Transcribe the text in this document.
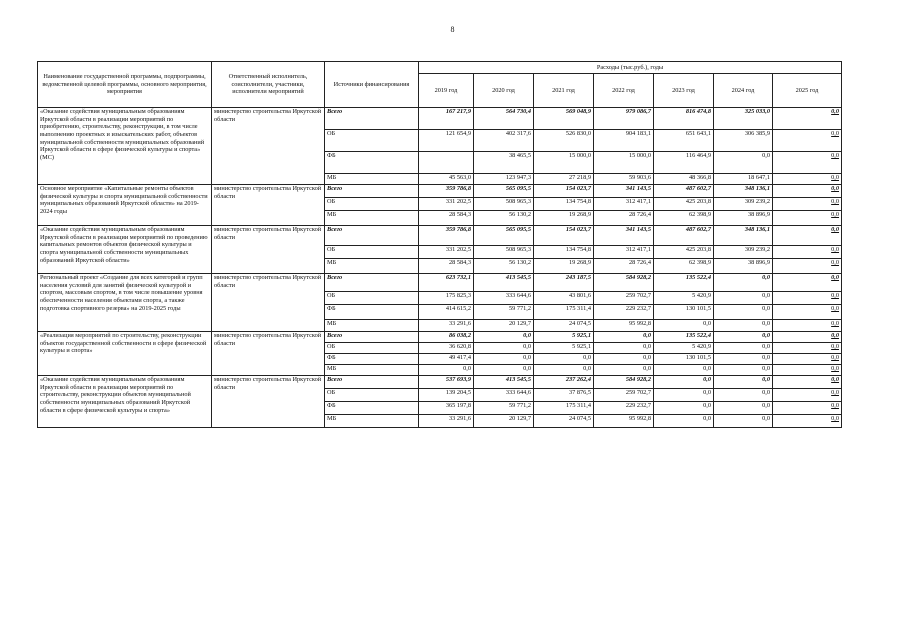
8
Наименование государственной программы, подпрограммы, ведомственной целевой программы, основного мероприятия, мероприятия	Ответственный исполнитель, соисполнители, участники, исполнители мероприятий	Источники финансирования	Расходы (тыс.руб.), годы						
			2019 год	2020 год	2021 год	2022 год	2023 год	2024 год	2025 год
«Оказание содействия муниципальным образованиям Иркутской области в реализации мероприятий по приобретению, строительству, реконструкции, в том числе выполнению проектных и изыскательских работ, объектов муниципальной собственности муниципальных образований Иркутской области в сфере физической культуры и спорта» (МС)	министерство строительства Иркутской области	Всего	167 217,9	564 730,4	569 048,9	979 086,7	816 474,8	325 033,0	0,0
		ОБ	121 654,9	402 317,6	526 830,0	904 183,1	651 643,1	306 385,9	0,0
		ФБ		38 465,5	15 000,0	15 000,0	116 464,9	0,0	0,0
		МБ	45 563,0	123 947,3	27 218,9	59 903,6	48 366,8	18 647,1	0,0
Основное мероприятие «Капитальные ремонты объектов физической культуры и спорта муниципальной собственности муниципальных образований Иркутской области» на 2019-2024 годы	министерство строительства Иркутской области	Всего	359 786,8	565 095,5	154 023,7	341 143,5	487 602,7	348 136,1	0,0
		ОБ	331 202,5	508 965,3	134 754,8	312 417,1	425 203,8	309 239,2	0,0
		МБ	28 584,3	56 130,2	19 268,9	28 726,4	62 398,9	38 896,9	0,0
«Оказание содействия муниципальным образованиям Иркутской области в реализации мероприятий по проведению капитальных ремонтов объектов физической культуры и спорта муниципальной собственности муниципальных образований Иркутской области»	министерство строительства Иркутской области	Всего	359 786,8	565 095,5	154 023,7	341 143,5	487 602,7	348 136,1	0,0
		ОБ	331 202,5	508 965,3	134 754,8	312 417,1	425 203,8	309 239,2	0,0
		МБ	28 584,3	56 130,2	19 268,9	28 726,4	62 398,9	38 896,9	0,0
Региональный проект «Создание для всех категорий и групп населения условий для занятий физической культурой и спортом, массовым спортом, в том числе повышение уровня обеспеченности населения объектами спорта, а также подготовка спортивного резерва» на 2019-2025 годы	министерство строительства Иркутской области	Всего	623 732,1	413 545,5	243 187,5	584 928,2	135 522,4	0,0	0,0
		ОБ	175 825,3	333 644,6	43 801,6	259 702,7	5 420,9	0,0	0,0
		ФБ	414 615,2	59 771,2	175 311,4	229 232,7	130 101,5	0,0	0,0
		МБ	33 291,6	20 129,7	24 074,5	95 992,8	0,0	0,0	0,0
«Реализация мероприятий по строительству, реконструкции объектов государственной собственности в сфере физической культуры и спорта»	министерство строительства Иркутской области	Всего	86 038,2	0,0	5 925,1	0,0	135 522,4	0,0	0,0
		ОБ	36 620,8	0,0	5 925,1	0,0	5 420,9	0,0	0,0
		ФБ	49 417,4	0,0	0,0	0,0	130 101,5	0,0	0,0
		МБ	0,0	0,0	0,0	0,0	0,0	0,0	0,0
«Оказание содействия муниципальным образованиям Иркутской области в реализации мероприятий по строительству, реконструкции объектов муниципальной собственности муниципальных образований Иркутской области в сфере физической культуры и спорта»	министерство строительства Иркутской области	Всего	537 693,9	413 545,5	237 262,4	584 928,2	0,0	0,0	0,0
		ОБ	139 204,5	333 644,6	37 876,5	259 702,7	0,0	0,0	0,0
		ФБ	365 197,8	59 771,2	175 311,4	229 232,7	0,0	0,0	0,0
		МБ	33 291,6	20 129,7	24 074,5	95 992,8	0,0	0,0	0,0
